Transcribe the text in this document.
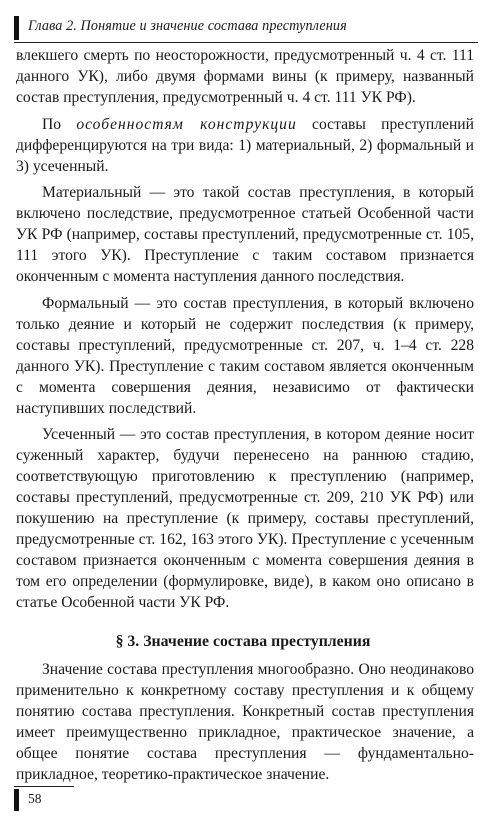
Глава 2. Понятие и значение состава преступления

влекшего смерть по неосторожности, предусмотренный ч. 4 ст. 111 данного УК), либо двумя формами вины (к примеру, названный состав преступления, предусмотренный ч. 4 ст. 111 УК РФ).

По особенностям конструкции составы преступлений дифференцируются на три вида: 1) материальный, 2) формальный и 3) усеченный.

Материальный — это такой состав преступления, в который включено последствие, предусмотренное статьей Особенной части УК РФ (например, составы преступлений, предусмотренные ст. 105, 111 этого УК). Преступление с таким составом признается оконченным с момента наступления данного последствия.

Формальный — это состав преступления, в который включено только деяние и который не содержит последствия (к примеру, составы преступлений, предусмотренные ст. 207, ч. 1–4 ст. 228 данного УК). Преступление с таким составом является оконченным с момента совершения деяния, независимо от фактически наступивших последствий.

Усеченный — это состав преступления, в котором деяние носит суженный характер, будучи перенесено на раннюю стадию, соответствующую приготовлению к преступлению (например, составы преступлений, предусмотренные ст. 209, 210 УК РФ) или покушению на преступление (к примеру, составы преступлений, предусмотренные ст. 162, 163 этого УК). Преступление с усеченным составом признается оконченным с момента совершения деяния в том его определении (формулировке, виде), в каком оно описано в статье Особенной части УК РФ.

§ 3. Значение состава преступления

Значение состава преступления многообразно. Оно неодинаково применительно к конкретному составу преступления и к общему понятию состава преступления. Конкретный состав преступления имеет преимущественно прикладное, практическое значение, а общее понятие состава преступления — фундаментально-прикладное, теоретико-практическое значение.

58
